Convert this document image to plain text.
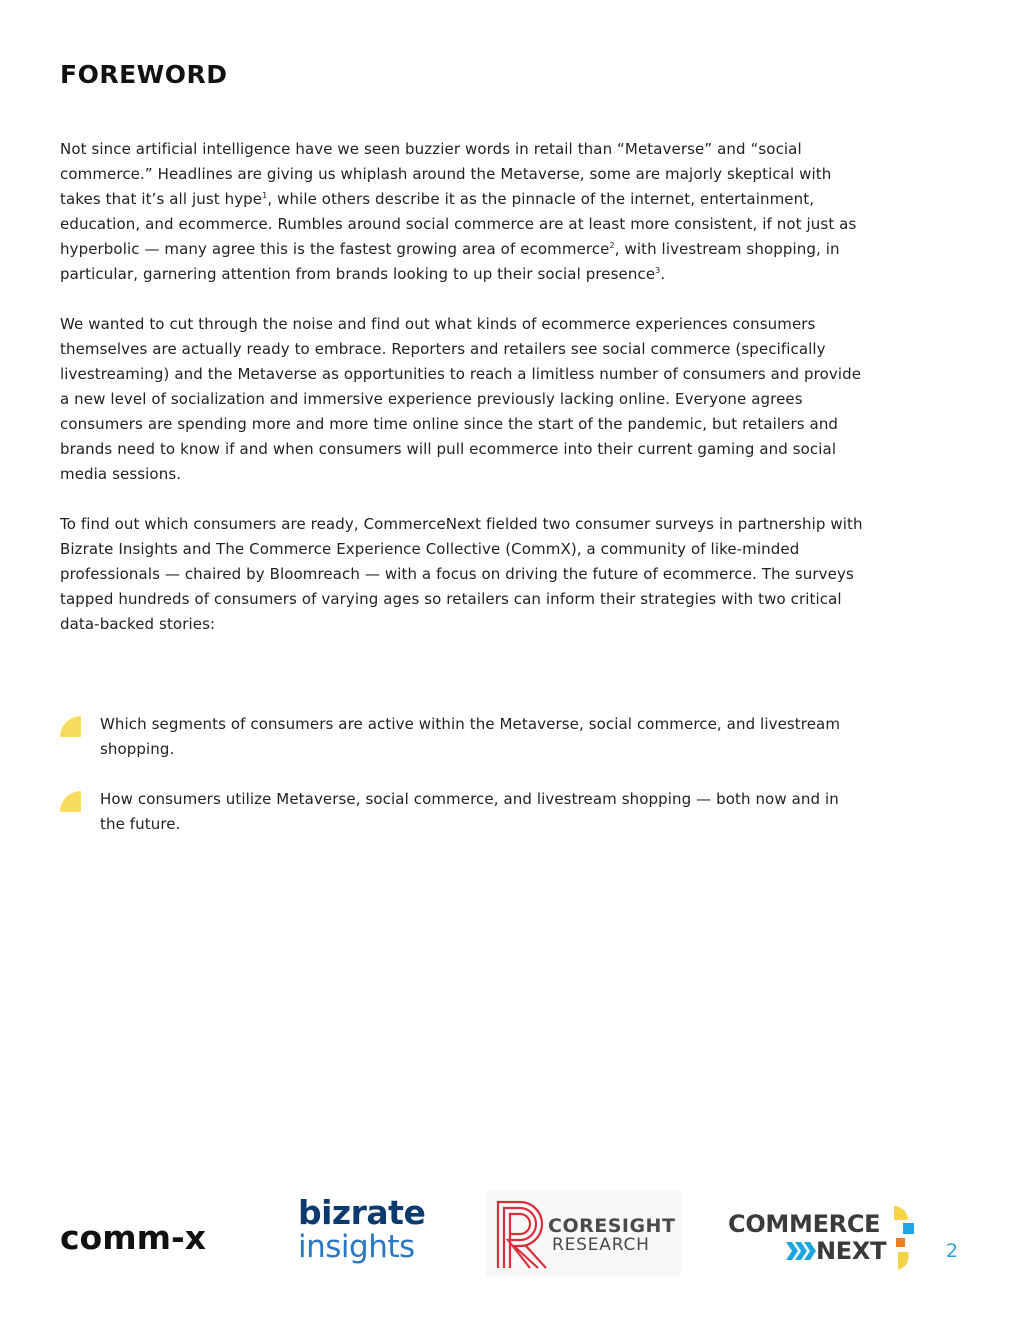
FOREWORD

Not since artificial intelligence have we seen buzzier words in retail than “Metaverse” and “social commerce.” Headlines are giving us whiplash around the Metaverse, some are majorly skeptical with takes that it’s all just hype$^1$, while others describe it as the pinnacle of the internet, entertainment, education, and ecommerce. Rumbles around social commerce are at least more consistent, if not just as hyperbolic — many agree this is the fastest growing area of ecommerce$^2$, with livestream shopping, in particular, garnering attention from brands looking to up their social presence$^3$.

We wanted to cut through the noise and find out what kinds of ecommerce experiences consumers themselves are actually ready to embrace. Reporters and retailers see social commerce (specifically livestreaming) and the Metaverse as opportunities to reach a limitless number of consumers and provide a new level of socialization and immersive experience previously lacking online. Everyone agrees consumers are spending more and more time online since the start of the pandemic, but retailers and brands need to know if and when consumers will pull ecommerce into their current gaming and social media sessions.

To find out which consumers are ready, CommerceNext fielded two consumer surveys in partnership with Bizrate Insights and The Commerce Experience Collective (CommX), a community of like-minded professionals — chaired by Bloomreach — with a focus on driving the future of ecommerce. The surveys tapped hundreds of consumers of varying ages so retailers can inform their strategies with two critical data-backed stories:

Which segments of consumers are active within the Metaverse, social commerce, and livestream shopping.
How consumers utilize Metaverse, social commerce, and livestream shopping — both now and in the future.
comm-x
bizrate
insights
CORESIGHT
RESEARCH
COMMERCE
NEXT	2
